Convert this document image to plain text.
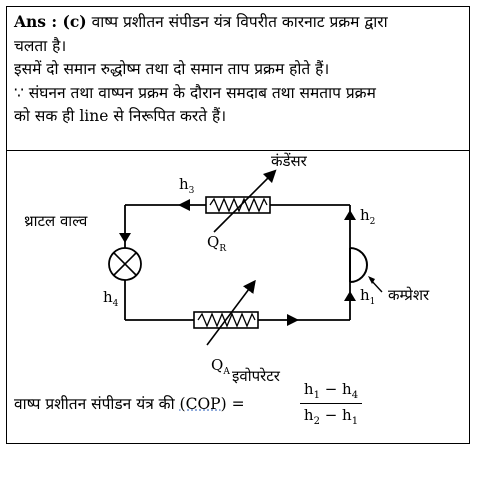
Ans : (c) वाष्प प्रशीतन संपीडन यंत्र विपरीत कारनाट प्रक्रम द्वारा
चलता है।
इसमें दो समान रुद्धोष्म तथा दो समान ताप प्रक्रम होते हैं।
∵ संघनन तथा वाष्पन प्रक्रम के दौरान समदाब तथा समताप प्रक्रम
को सक ही line से निरूपित करते हैं।
कंडेंसर
थ्राटल वाल्व
कम्प्रेशर
इवोपरेटर
$h_3$
$h_2$
$h_4$	$h_1$
$Q_R$
$Q_A$
वाष्प प्रशीतन संपीडन यंत्र की (COP) =	$\frac{h_1 - h_4}{h_2 - h_1}$
